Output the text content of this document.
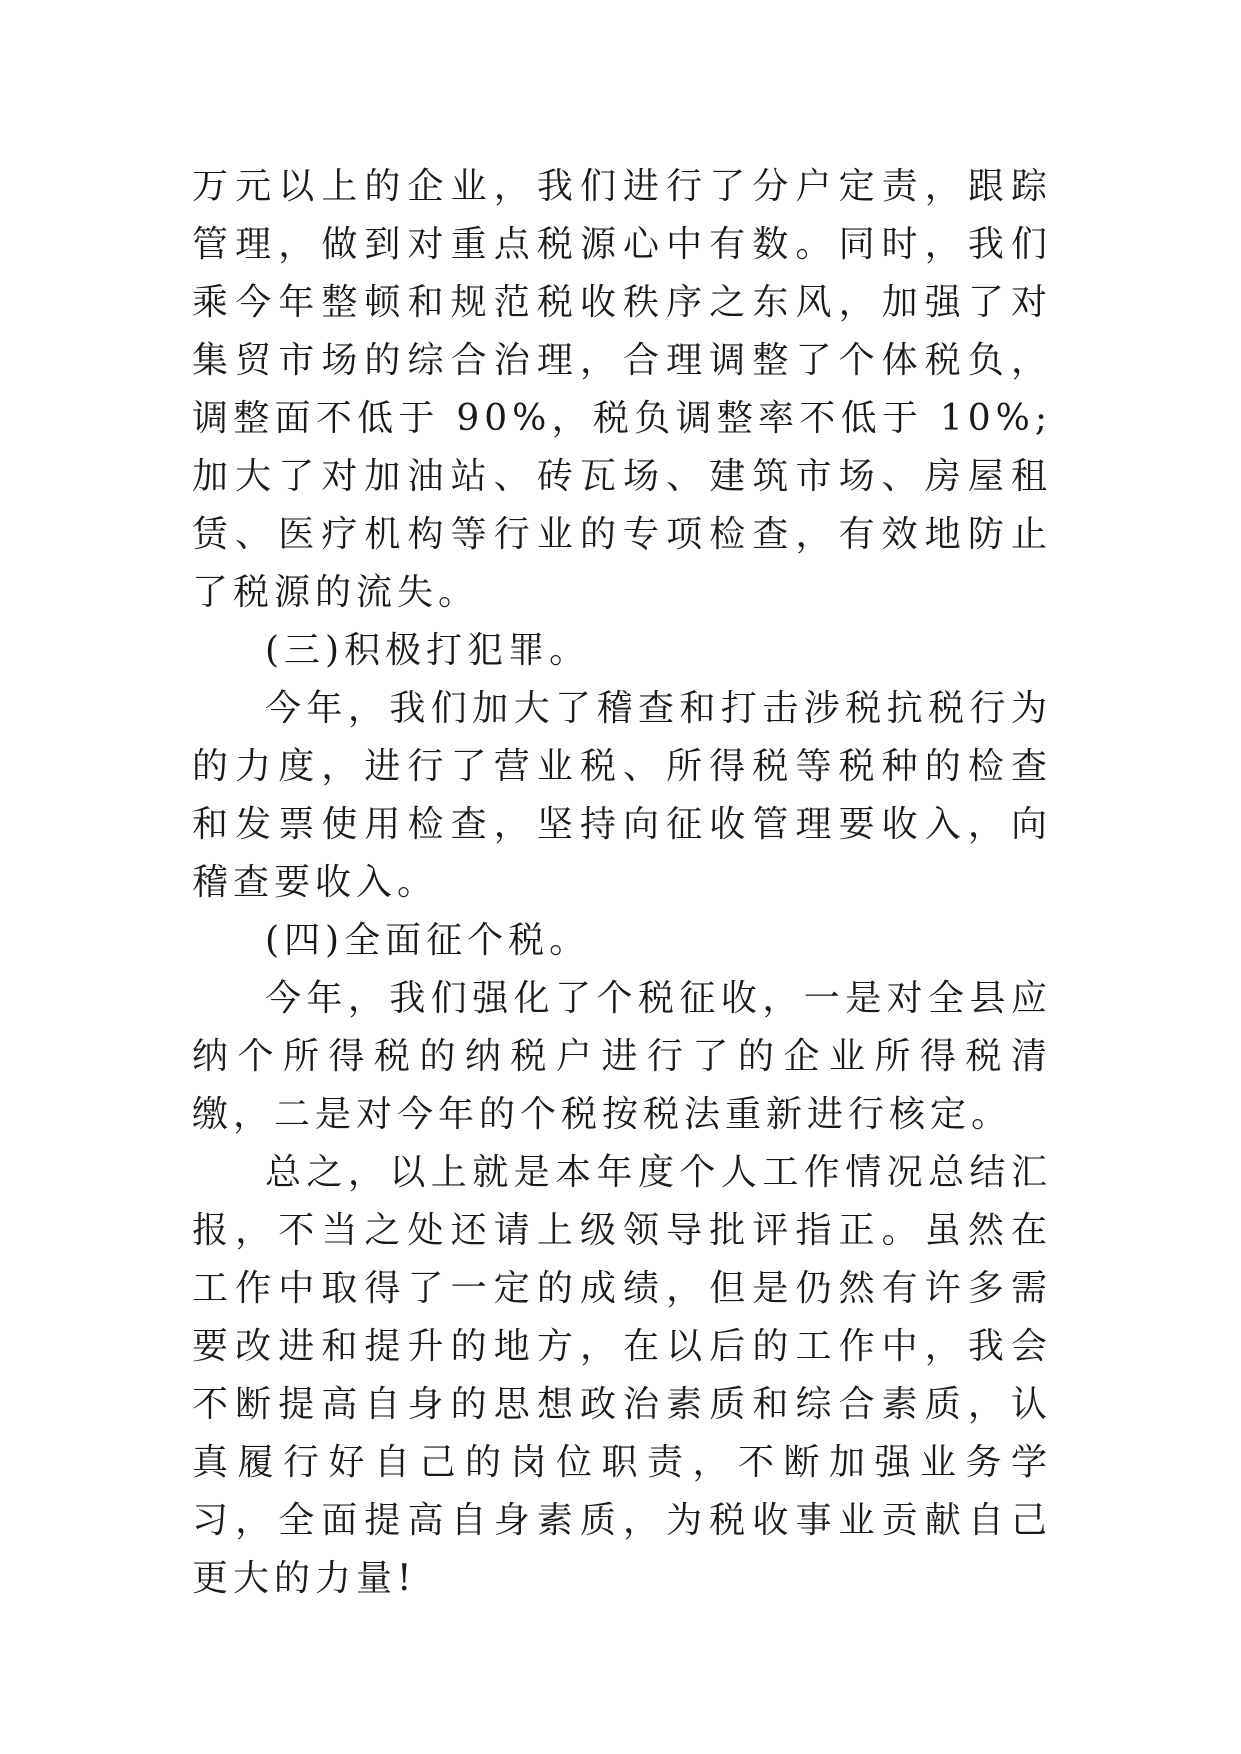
万元以上的企业，我们进行了分户定责，跟踪管理，做到对重点税源心中有数。同时，我们乘今年整顿和规范税收秩序之东风，加强了对集贸市场的综合治理，合理调整了个体税负，调整面不低于 90%，税负调整率不低于 10%;加大了对加油站、砖瓦场、建筑市场、房屋租赁、医疗机构等行业的专项检查，有效地防止了税源的流失。

(三)积极打犯罪。

今年，我们加大了稽查和打击涉税抗税行为的力度，进行了营业税、所得税等税种的检查和发票使用检查，坚持向征收管理要收入，向稽查要收入。

(四)全面征个税。

今年，我们强化了个税征收，一是对全县应纳个所得税的纳税户进行了的企业所得税清缴，二是对今年的个税按税法重新进行核定。

总之，以上就是本年度个人工作情况总结汇报，不当之处还请上级领导批评指正。虽然在工作中取得了一定的成绩，但是仍然有许多需要改进和提升的地方，在以后的工作中，我会不断提高自身的思想政治素质和综合素质，认真履行好自己的岗位职责，不断加强业务学习，全面提高自身素质，为税收事业贡献自己更大的力量!
